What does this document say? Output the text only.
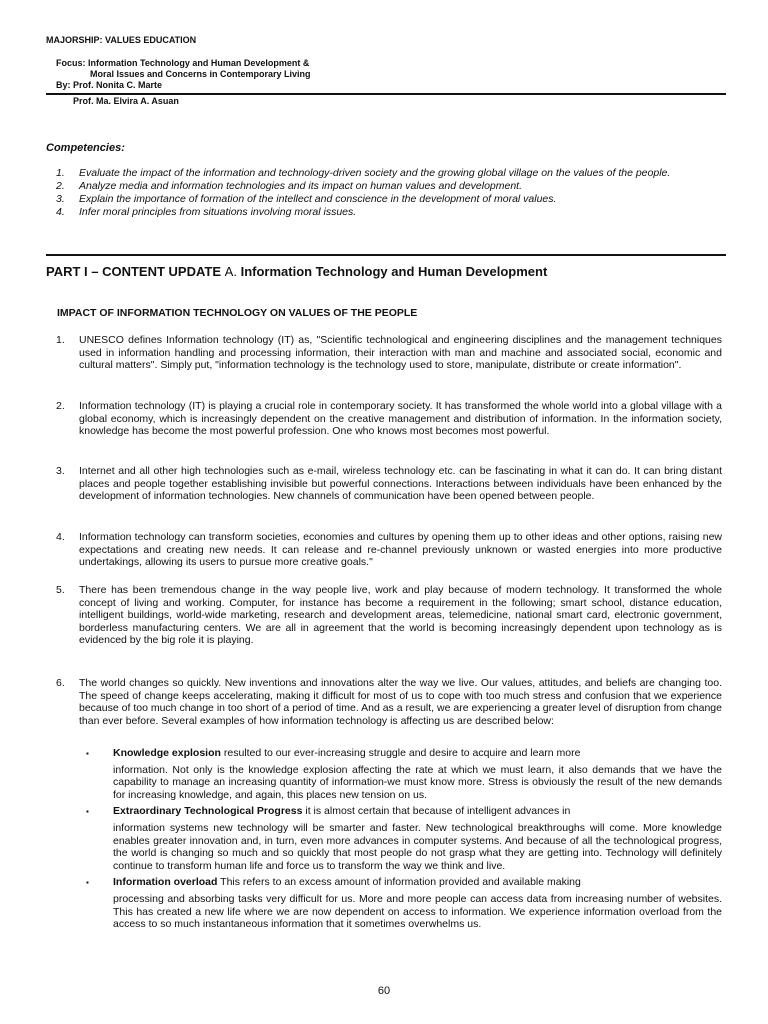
MAJORSHIP: VALUES EDUCATION
Focus: Information Technology and Human Development &
Moral Issues and Concerns in Contemporary Living
By: Prof. Nonita C. Marte
Prof. Ma. Elvira A. Asuan
Competencies:
1.	Evaluate the impact of the information and technology-driven society and the growing global village on the values of the people.
2.	Analyze media and information technologies and its impact on human values and development.
3.	Explain the importance of formation of the intellect and conscience in the development of moral values.
4.	Infer moral principles from situations involving moral issues.
PART I – CONTENT UPDATE A. Information Technology and Human Development
IMPACT OF INFORMATION TECHNOLOGY ON VALUES OF THE PEOPLE
1.	UNESCO defines Information technology (IT) as, "Scientific technological and engineering disciplines and the management techniques used in information handling and processing information, their interaction with man and machine and associated social, economic and cultural matters". Simply put, "information technology is the technology used to store, manipulate, distribute or create information".
2.	Information technology (IT) is playing a crucial role in contemporary society. It has transformed the whole world into a global village with a global economy, which is increasingly dependent on the creative management and distribution of information. In the information society, knowledge has become the most powerful profession. One who knows most becomes most powerful.
3.	Internet and all other high technologies such as e-mail, wireless technology etc. can be fascinating in what it can do. It can bring distant places and people together establishing invisible but powerful connections. Interactions between individuals have been enhanced by the development of information technologies. New channels of communication have been opened between people.
4.	Information technology can transform societies, economies and cultures by opening them up to other ideas and other options, raising new expectations and creating new needs. It can release and re-channel previously unknown or wasted energies into more productive undertakings, allowing its users to pursue more creative goals."
5.	There has been tremendous change in the way people live, work and play because of modern technology. It transformed the whole concept of living and working. Computer, for instance has become a requirement in the following; smart school, distance education, intelligent buildings, world-wide marketing, research and development areas, telemedicine, national smart card, electronic government, borderless manufacturing centers. We are all in agreement that the world is becoming increasingly dependent upon technology as is evidenced by the big role it is playing.
6.	The world changes so quickly. New inventions and innovations alter the way we live. Our values, attitudes, and beliefs are changing too. The speed of change keeps accelerating, making it difficult for most of us to cope with too much stress and confusion that we experience because of too much change in too short of a period of time. And as a result, we are experiencing a greater level of disruption from change than ever before. Several examples of how information technology is affecting us are described below:
▪	Knowledge explosion resulted to our ever-increasing struggle and desire to acquire and learn more
information. Not only is the knowledge explosion affecting the rate at which we must learn, it also demands that we have the capability to manage an increasing quantity of information-we must know more. Stress is obviously the result of the new demands for increasing knowledge, and again, this places new tension on us.
▪	Extraordinary Technological Progress it is almost certain that because of intelligent advances in
information systems new technology will be smarter and faster. New technological breakthroughs will come. More knowledge enables greater innovation and, in turn, even more advances in computer systems. And because of all the technological progress, the world is changing so much and so quickly that most people do not grasp what they are getting into. Technology will definitely continue to transform human life and force us to transform the way we think and live.
▪	Information overload This refers to an excess amount of information provided and available making
processing and absorbing tasks very difficult for us. More and more people can access data from increasing number of websites. This has created a new life where we are now dependent on access to information. We experience information overload from the access to so much instantaneous information that it sometimes overwhelms us.
60
